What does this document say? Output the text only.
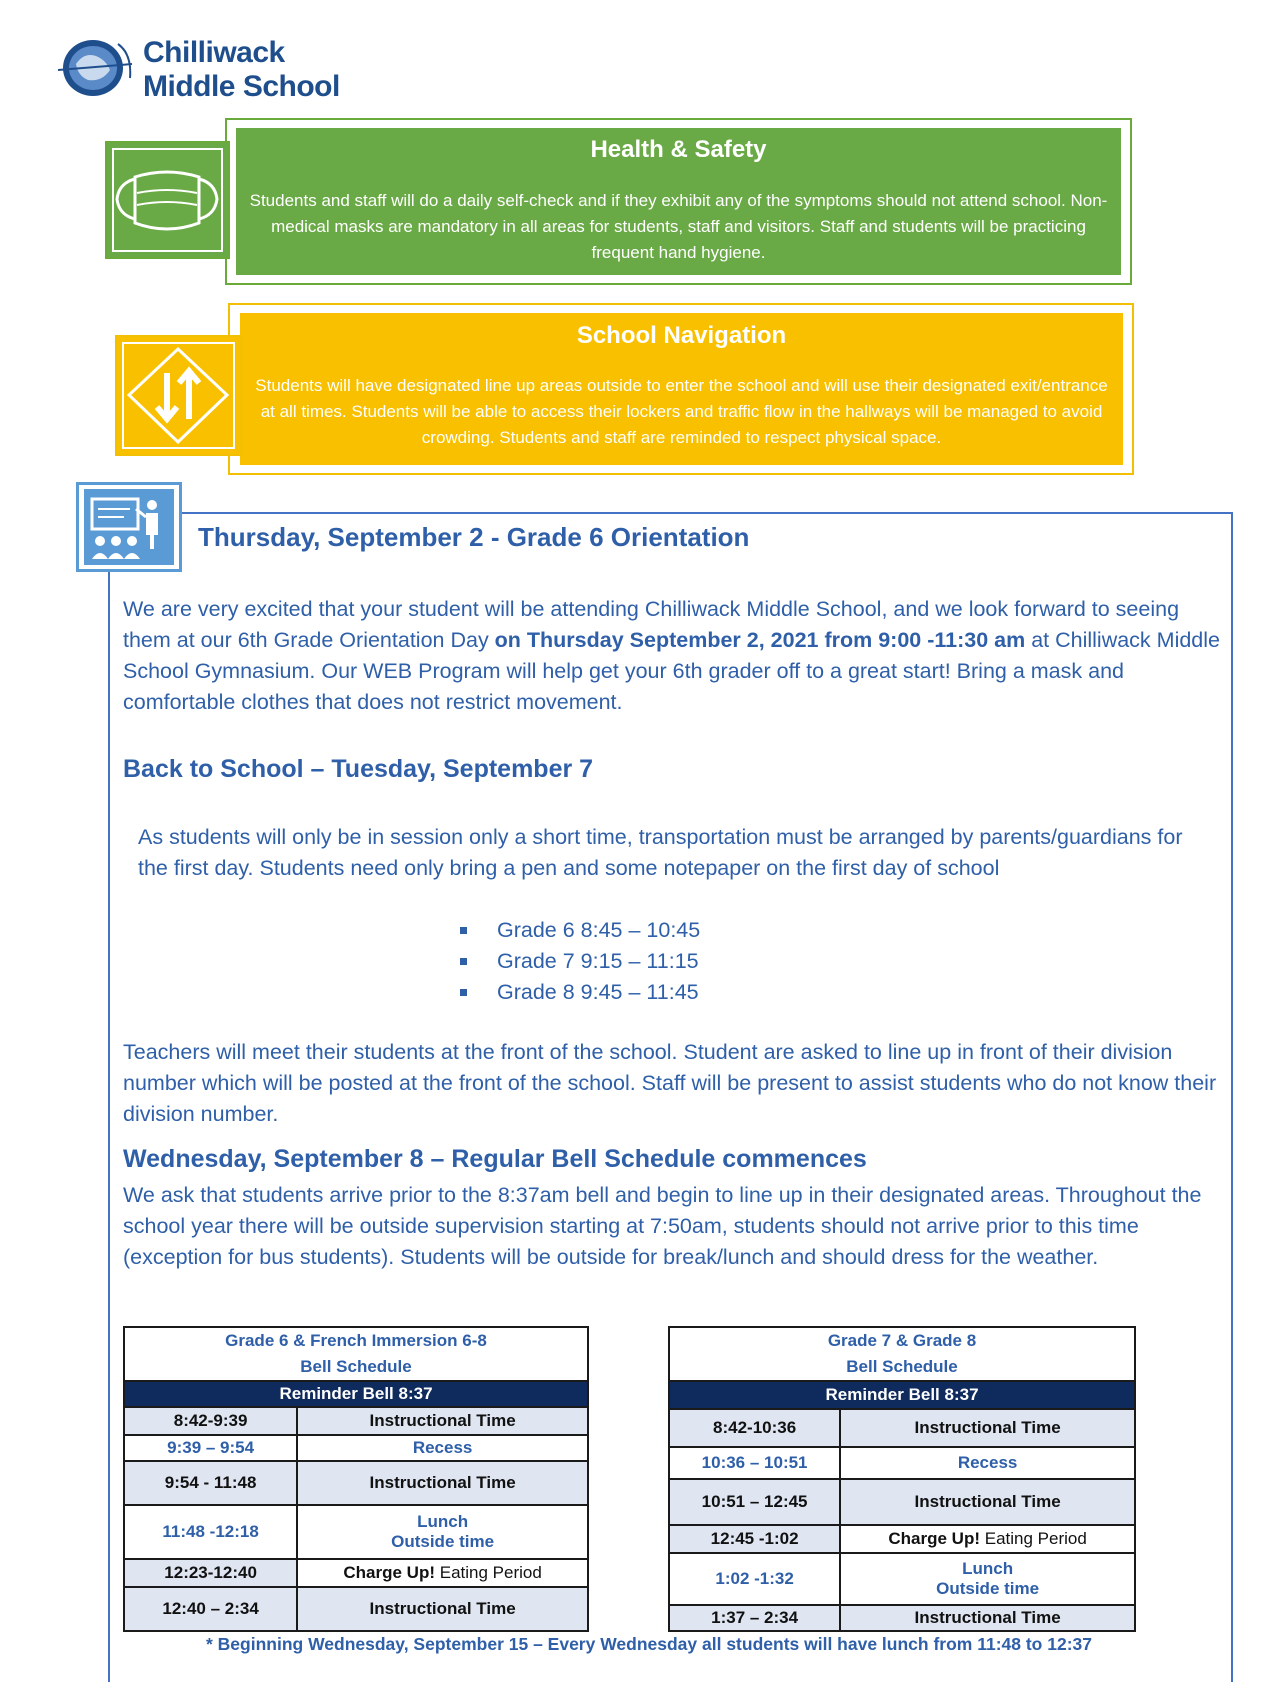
Chilliwack
Middle School
Health & Safety
Students and staff will do a daily self-check and if they exhibit any of the symptoms should not attend school. Non-medical masks are mandatory in all areas for students, staff and visitors. Staff and students will be practicing frequent hand hygiene.
School Navigation
Students will have designated line up areas outside to enter the school and will use their designated exit/entrance at all times. Students will be able to access their lockers and traffic flow in the hallways will be managed to avoid crowding. Students and staff are reminded to respect physical space.
Thursday, September 2 - Grade 6 Orientation
We are very excited that your student will be attending Chilliwack Middle School, and we look forward to seeing them at our 6th Grade Orientation Day on Thursday September 2, 2021 from 9:00 -11:30 am at Chilliwack Middle School Gymnasium. Our WEB Program will help get your 6th grader off to a great start! Bring a mask and comfortable clothes that does not restrict movement.
Back to School – Tuesday, September 7
As students will only be in session only a short time, transportation must be arranged by parents/guardians for the first day. Students need only bring a pen and some notepaper on the first day of school
Grade 6 8:45 – 10:45
Grade 7 9:15 – 11:15
Grade 8 9:45 – 11:45
Teachers will meet their students at the front of the school. Student are asked to line up in front of their division number which will be posted at the front of the school. Staff will be present to assist students who do not know their division number.
Wednesday, September 8 – Regular Bell Schedule commences
We ask that students arrive prior to the 8:37am bell and begin to line up in their designated areas. Throughout the school year there will be outside supervision starting at 7:50am, students should not arrive prior to this time (exception for bus students). Students will be outside for break/lunch and should dress for the weather.
Grade 6 & French Immersion 6-8
Bell Schedule	

Reminder Bell 8:37	
8:42-9:39	Instructional Time
9:39 – 9:54	Recess
9:54 - 11:48	Instructional Time
11:48 -12:18	Lunch
Outside time

12:23-12:40	Charge Up! Eating Period
12:40 – 2:34	Instructional Time
Grade 7 & Grade 8
Bell Schedule	

Reminder Bell 8:37	
8:42-10:36	Instructional Time
10:36 – 10:51	Recess
10:51 – 12:45	Instructional Time
12:45 -1:02	Charge Up! Eating Period
1:02 -1:32	Lunch
Outside time

1:37 – 2:34	Instructional Time
* Beginning Wednesday, September 15 – Every Wednesday all students will have lunch from 11:48 to 12:37
